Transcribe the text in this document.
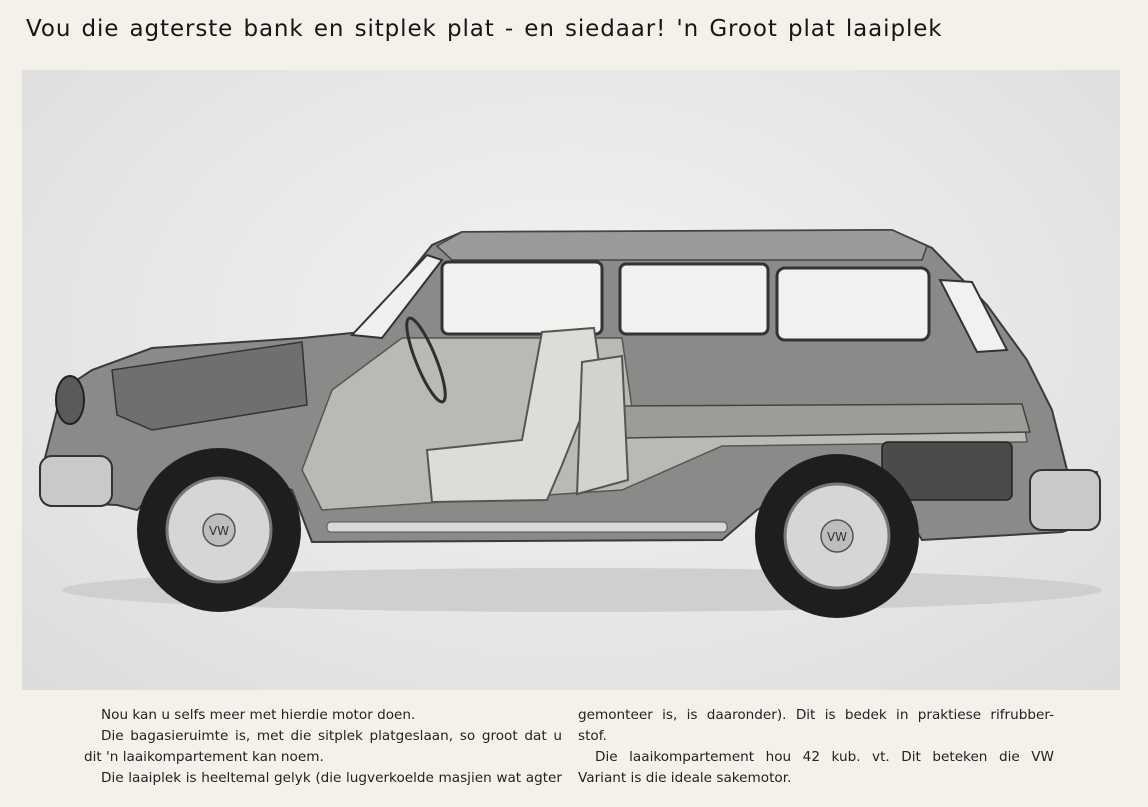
Vou die agterste bank en sitplek plat - en siedaar! 'n Groot plat laaiplek
VW	VW

Nou kan u selfs meer met hierdie motor doen.

Die bagasieruimte is, met die sitplek platgeslaan, so groot dat u

dit 'n laaikompartement kan noem.

Die laaiplek is heeltemal gelyk (die lugverkoelde masjien wat agter

gemonteer is, is daaronder). Dit is bedek in praktiese rifrubber-

stof.

Die laaikompartement hou 42 kub. vt. Dit beteken die VW

Variant is die ideale sakemotor.
